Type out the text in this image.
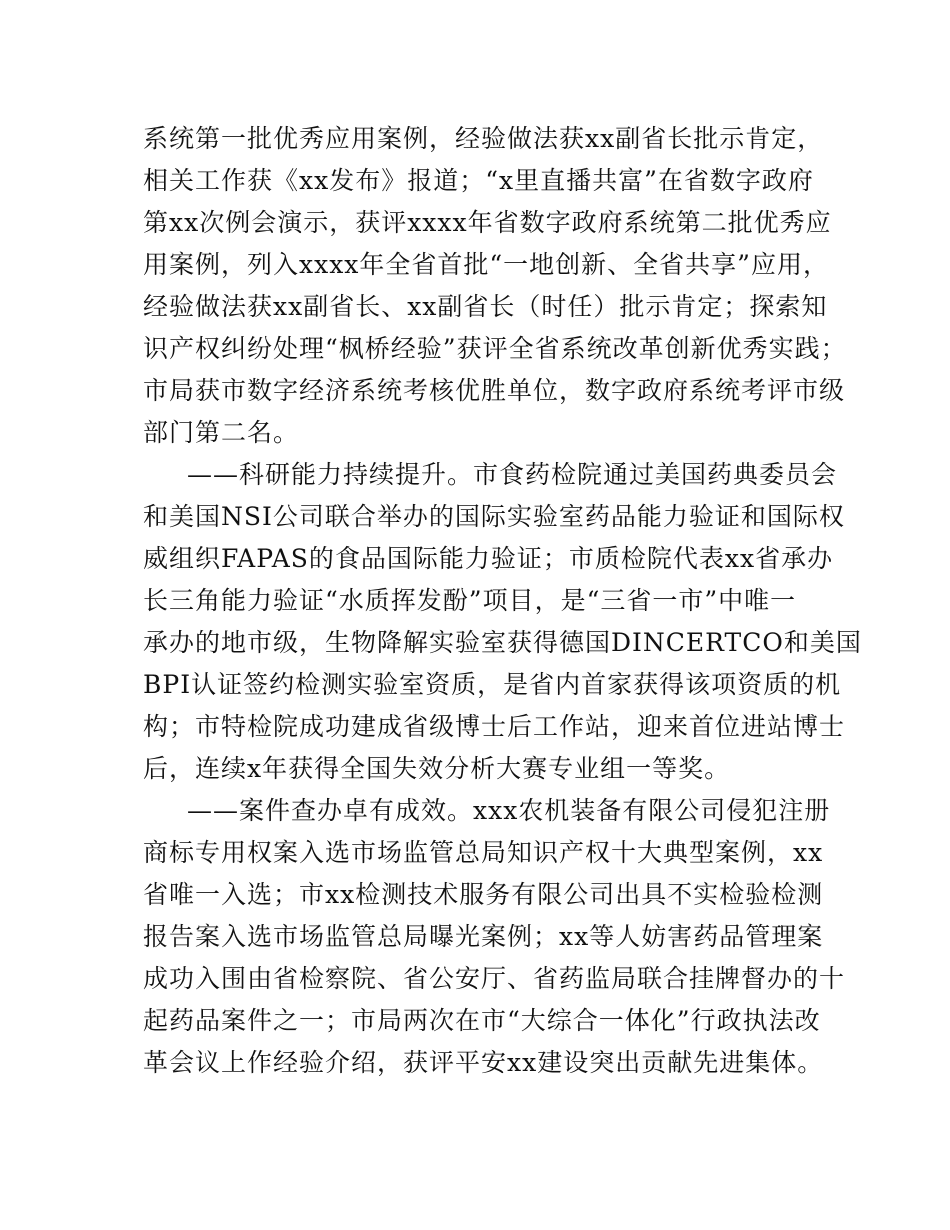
系统第一批优秀应用案例，经验做法获xx副省长批示肯定，
相关工作获《xx发布》报道；“x里直播共富”在省数字政府
第xx次例会演示，获评xxxx年省数字政府系统第二批优秀应
用案例，列入xxxx年全省首批“一地创新、全省共享”应用，
经验做法获xx副省长、xx副省长（时任）批示肯定；探索知
识产权纠纷处理“枫桥经验”获评全省系统改革创新优秀实践；
市局获市数字经济系统考核优胜单位，数字政府系统考评市级
部门第二名。
——科研能力持续提升。市食药检院通过美国药典委员会
和美国NSI公司联合举办的国际实验室药品能力验证和国际权
威组织FAPAS的食品国际能力验证；市质检院代表xx省承办
长三角能力验证“水质挥发酚”项目，是“三省一市”中唯一
承办的地市级，生物降解实验室获得德国DINCERTCO和美国
BPI认证签约检测实验室资质，是省内首家获得该项资质的机
构；市特检院成功建成省级博士后工作站，迎来首位进站博士
后，连续x年获得全国失效分析大赛专业组一等奖。
——案件查办卓有成效。xxx农机装备有限公司侵犯注册
商标专用权案入选市场监管总局知识产权十大典型案例，xx
省唯一入选；市xx检测技术服务有限公司出具不实检验检测
报告案入选市场监管总局曝光案例；xx等人妨害药品管理案
成功入围由省检察院、省公安厅、省药监局联合挂牌督办的十
起药品案件之一；市局两次在市“大综合一体化”行政执法改
革会议上作经验介绍，获评平安xx建设突出贡献先进集体。
